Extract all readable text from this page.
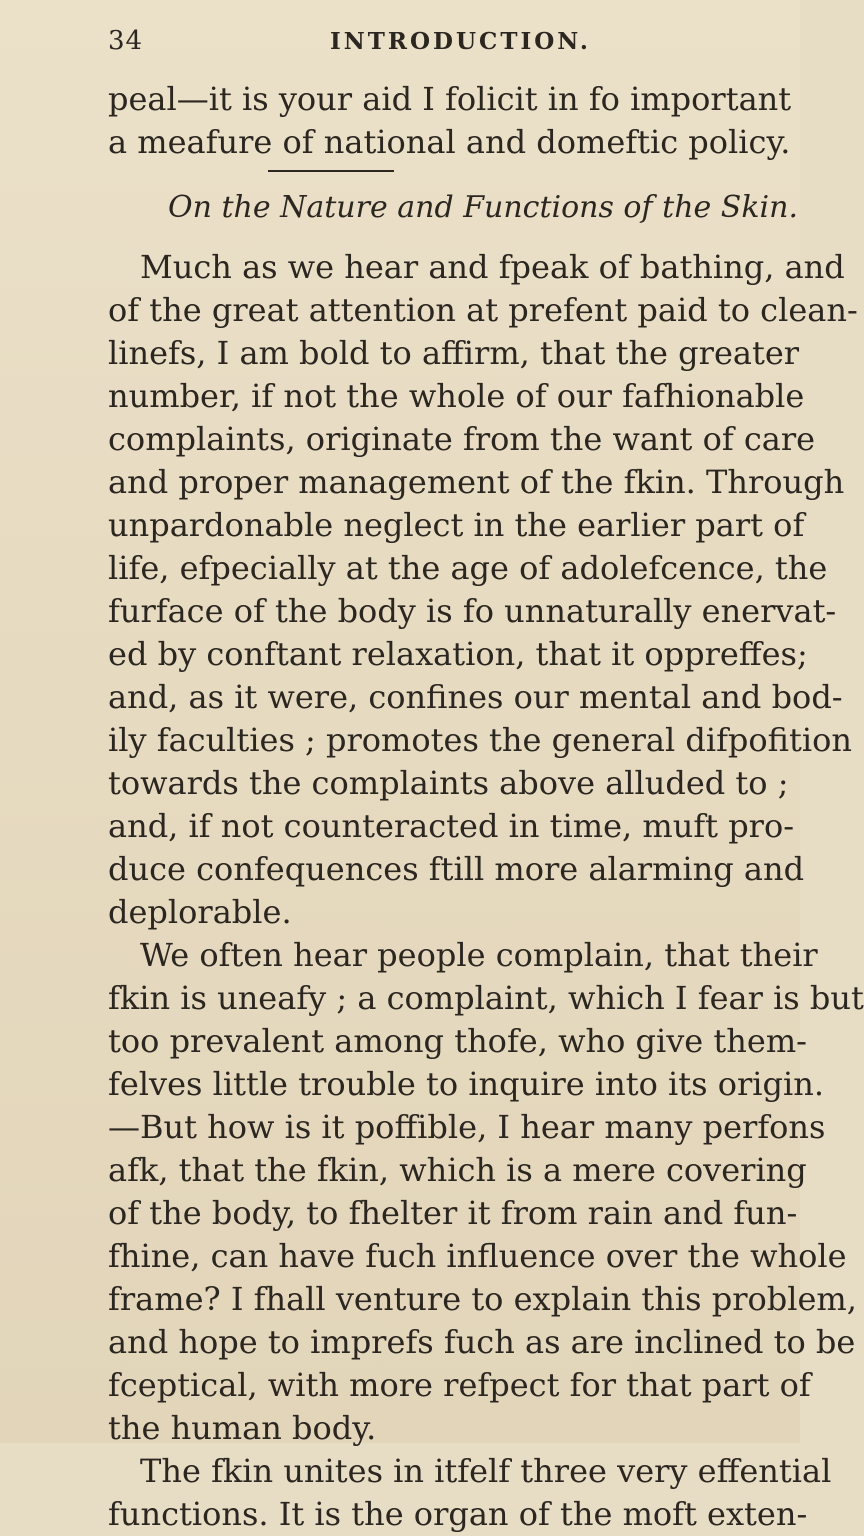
34	INTRODUCTION.
peal—it is your aid I folicit in fo important
a meafure of national and domeftic policy.
On the Nature and Functions of the Skin.
Much as we hear and fpeak of bathing, and
of the great attention at prefent paid to clean-
linefs, I am bold to affirm, that the greater
number, if not the whole of our fafhionable
complaints, originate from the want of care
and proper management of the fkin. Through
unpardonable neglect in the earlier part of
life, efpecially at the age of adolefcence, the
furface of the body is fo unnaturally enervat-
ed by conftant relaxation, that it oppreffes;
and, as it were, confines our mental and bod-
ily faculties ; promotes the general difpofition
towards the complaints above alluded to ;
and, if not counteracted in time, muft pro-
duce confequences ftill more alarming and
deplorable.
We often hear people complain, that their
fkin is uneafy ; a complaint, which I fear is but
too prevalent among thofe, who give them-
felves little trouble to inquire into its origin.
—But how is it poffible, I hear many perfons
afk, that the fkin, which is a mere covering
of the body, to fhelter it from rain and fun-
fhine, can have fuch influence over the whole
frame? I fhall venture to explain this problem,
and hope to imprefs fuch as are inclined to be
fceptical, with more refpect for that part of
the human body.
The fkin unites in itfelf three very effential
functions. It is the organ of the moft exten-
